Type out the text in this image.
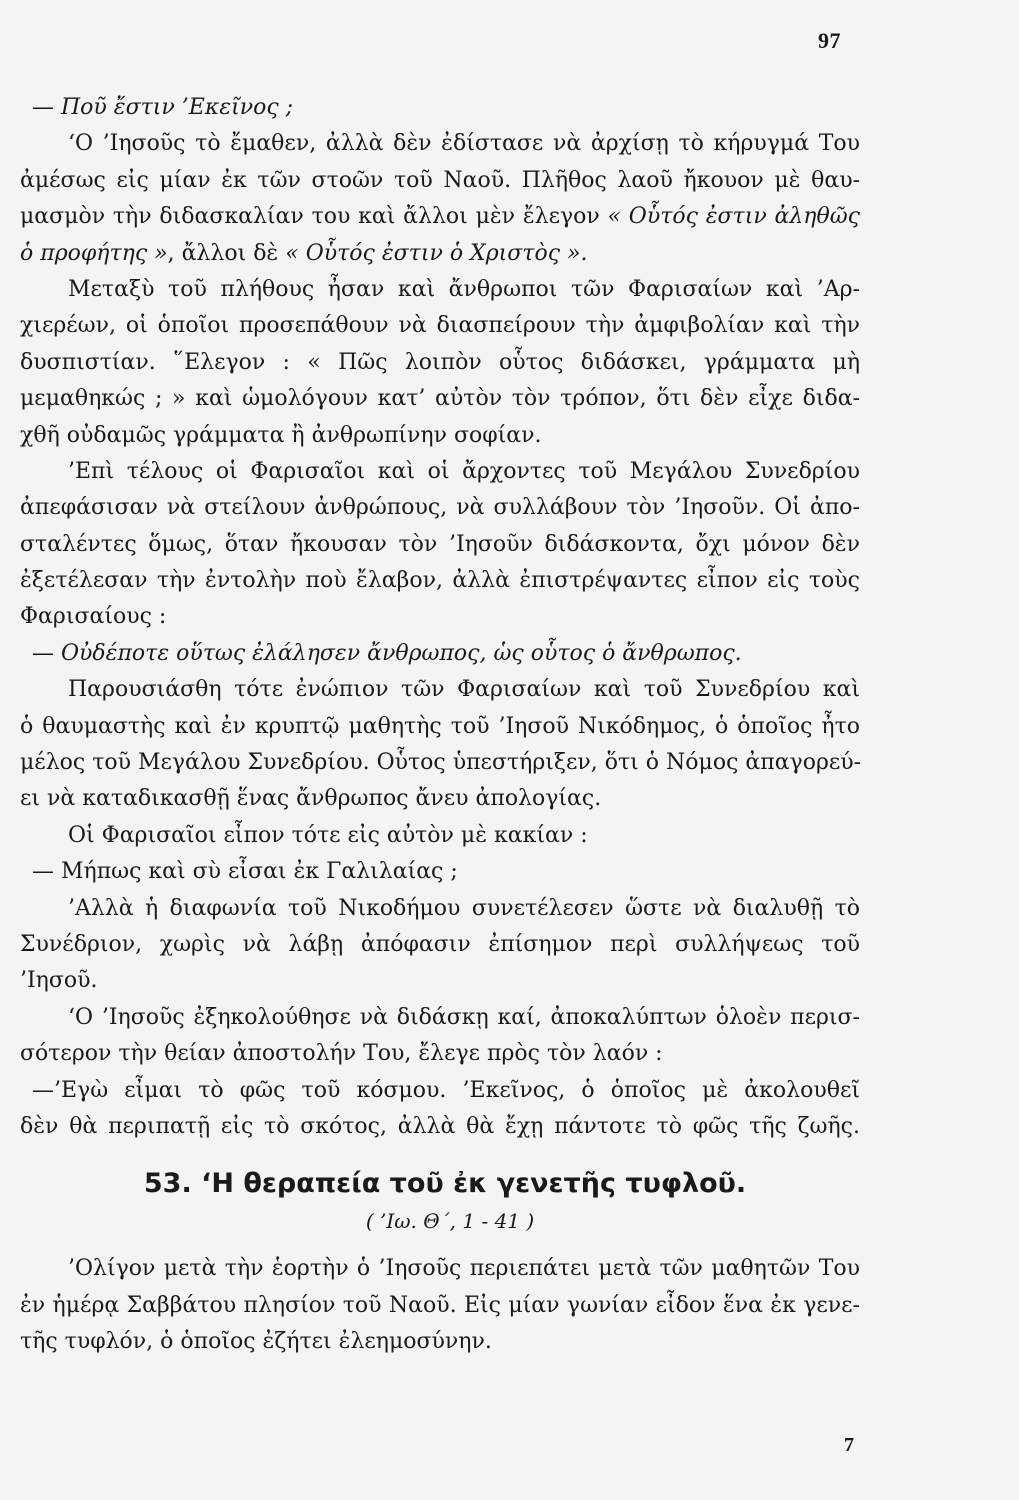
97
— Ποῦ ἔστιν ’Εκεῖνος ;
‘Ο ’Ιησοῦς τὸ ἔμαθεν, ἀλλὰ δὲν ἐδίστασε νὰ ἀρχίσῃ τὸ κήρυγμά Του
ἀμέσως εἰς μίαν ἐκ τῶν στοῶν τοῦ Ναοῦ. Πλῆθος λαοῦ ἤκουον μὲ θαυ-
μασμὸν τὴν διδασκαλίαν του καὶ ἄλλοι μὲν ἔλεγον « Οὗτός ἐστιν ἀληθῶς
ὁ προφήτης », ἄλλοι δὲ « Οὗτός ἐστιν ὁ Χριστὸς ».
Μεταξὺ τοῦ πλήθους ἦσαν καὶ ἄνθρωποι τῶν Φαρισαίων καὶ ’Αρ-
χιερέων, οἱ ὁποῖοι προσεπάθουν νὰ διασπείρουν τὴν ἀμφιβολίαν καὶ τὴν
δυσπιστίαν. ῞Ελεγον : « Πῶς λοιπὸν οὗτος διδάσκει, γράμματα μὴ
μεμαθηκώς ; » καὶ ὡμολόγουν κατ’ αὐτὸν τὸν τρόπον, ὅτι δὲν εἶχε διδα-
χθῆ οὐδαμῶς γράμματα ἢ ἀνθρωπίνην σοφίαν.
’Επὶ τέλους οἱ Φαρισαῖοι καὶ οἱ ἄρχοντες τοῦ Μεγάλου Συνεδρίου
ἀπεφάσισαν νὰ στείλουν ἀνθρώπους, νὰ συλλάβουν τὸν ’Ιησοῦν. Οἱ ἀπο-
σταλέντες ὅμως, ὅταν ἤκουσαν τὸν ’Ιησοῦν διδάσκοντα, ὄχι μόνον δὲν
ἐξετέλεσαν τὴν ἐντολὴν ποὺ ἔλαβον, ἀλλὰ ἐπιστρέψαντες εἶπον εἰς τοὺς
Φαρισαίους :
— Οὐδέποτε οὕτως ἐλάλησεν ἄνθρωπος, ὡς οὗτος ὁ ἄνθρωπος.
Παρουσιάσθη τότε ἐνώπιον τῶν Φαρισαίων καὶ τοῦ Συνεδρίου καὶ
ὁ θαυμαστὴς καὶ ἐν κρυπτῷ μαθητὴς τοῦ ’Ιησοῦ Νικόδημος, ὁ ὁποῖος ἦτο
μέλος τοῦ Μεγάλου Συνεδρίου. Οὗτος ὑπεστήριξεν, ὅτι ὁ Νόμος ἀπαγορεύ-
ει νὰ καταδικασθῇ ἕνας ἄνθρωπος ἄνευ ἀπολογίας.
Οἱ Φαρισαῖοι εἶπον τότε εἰς αὐτὸν μὲ κακίαν :
— Μήπως καὶ σὺ εἶσαι ἐκ Γαλιλαίας ;
’Αλλὰ ἡ διαφωνία τοῦ Νικοδήμου συνετέλεσεν ὥστε νὰ διαλυθῇ τὸ
Συνέδριον, χωρὶς νὰ λάβῃ ἀπόφασιν ἐπίσημον περὶ συλλήψεως τοῦ
’Ιησοῦ.
‘Ο ’Ιησοῦς ἐξηκολούθησε νὰ διδάσκῃ καί, ἀποκαλύπτων ὁλοὲν περισ-
σότερον τὴν θείαν ἀποστολήν Του, ἔλεγε πρὸς τὸν λαόν :
—’Εγὼ εἶμαι τὸ φῶς τοῦ κόσμου. ’Εκεῖνος, ὁ ὁποῖος μὲ ἀκολουθεῖ
δὲν θὰ περιπατῇ εἰς τὸ σκότος, ἀλλὰ θὰ ἔχῃ πάντοτε τὸ φῶς τῆς ζωῆς.
53. ‘Η θεραπεία τοῦ ἐκ γενετῆς τυφλοῦ.
( ’Ιω. Θ΄, 1 - 41 )
’Ολίγον μετὰ τὴν ἑορτὴν ὁ ’Ιησοῦς περιεπάτει μετὰ τῶν μαθητῶν Του
ἐν ἡμέρᾳ Σαββάτου πλησίον τοῦ Ναοῦ. Εἰς μίαν γωνίαν εἶδον ἕνα ἐκ γενε-
τῆς τυφλόν, ὁ ὁποῖος ἐζήτει ἐλεημοσύνην.
7
